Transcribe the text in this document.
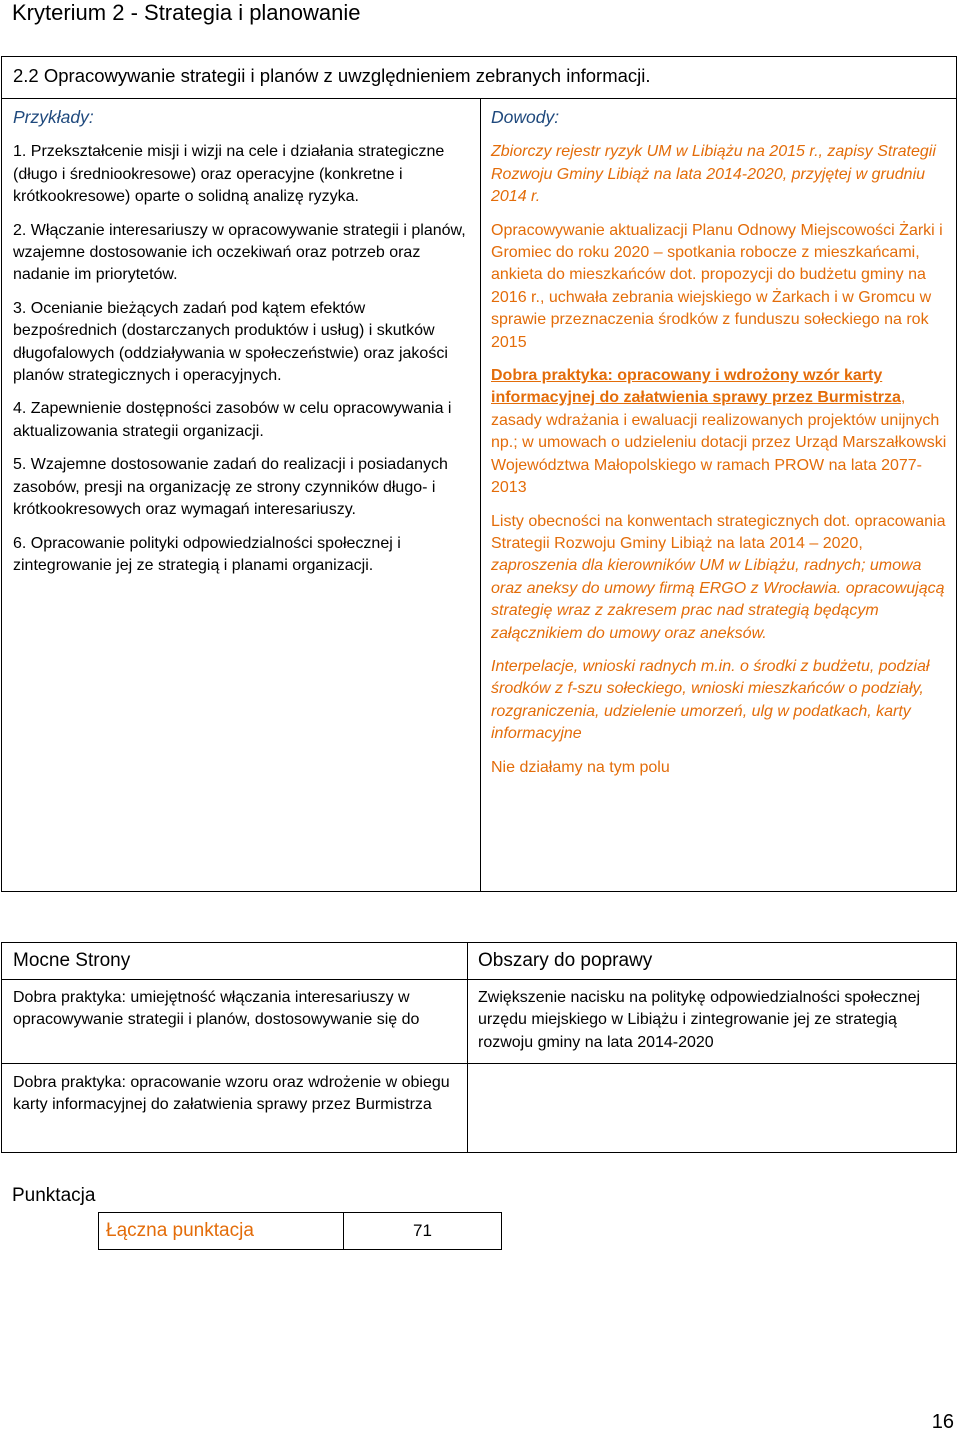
Kryterium 2 - Strategia i planowanie
2.2 Opracowywanie strategii i planów z uwzględnieniem zebranych informacji.
Przykłady:

1. Przekształcenie misji i wizji na cele i działania strategiczne (długo i średniookresowe) oraz operacyjne (konkretne i krótkookresowe) oparte o solidną analizę ryzyka.

2. Włączanie interesariuszy w opracowywanie strategii i planów, wzajemne dostosowanie ich oczekiwań oraz potrzeb oraz nadanie im priorytetów.

3. Ocenianie bieżących zadań pod kątem efektów bezpośrednich (dostarczanych produktów i usług) i skutków długofalowych (oddziaływania w społeczeństwie) oraz jakości planów strategicznych i operacyjnych.

4. Zapewnienie dostępności zasobów w celu opracowywania i aktualizowania strategii organizacji.

5. Wzajemne dostosowanie zadań do realizacji i posiadanych zasobów, presji na organizację ze strony czynników długo- i krótkookresowych oraz wymagań interesariuszy.

6. Opracowanie polityki odpowiedzialności społecznej i zintegrowanie jej ze strategią i planami organizacji.

Dowody:

Zbiorczy rejestr ryzyk UM w Libiążu na 2015 r., zapisy Strategii Rozwoju Gminy Libiąż na lata 2014-2020, przyjętej w grudniu 2014 r.

Opracowywanie aktualizacji Planu Odnowy Miejscowości Żarki i Gromiec do roku 2020 – spotkania robocze z mieszkańcami, ankieta do mieszkańców dot. propozycji do budżetu gminy na 2016 r., uchwała zebrania wiejskiego w Żarkach i w Gromcu w sprawie przeznaczenia środków z funduszu sołeckiego na rok 2015

Dobra praktyka: opracowany i wdrożony wzór karty informacyjnej do załatwienia sprawy przez Burmistrza, zasady wdrażania i ewaluacji realizowanych projektów unijnych np.; w umowach o udzieleniu dotacji przez Urząd Marszałkowski Województwa Małopolskiego w ramach PROW na lata 2077-2013

Listy obecności na konwentach strategicznych dot. opracowania Strategii Rozwoju Gminy Libiąż na lata 2014 – 2020, zaproszenia dla kierowników UM w Libiążu, radnych; umowa oraz aneksy do umowy firmą ERGO z Wrocławia. opracowującą strategię wraz z zakresem prac nad strategią będącym załącznikiem do umowy oraz aneksów.

Interpelacje, wnioski radnych m.in. o środki z budżetu, podział środków z f-szu sołeckiego, wnioski mieszkańców o podziały, rozgraniczenia, udzielenie umorzeń, ulg w podatkach, karty informacyjne

Nie działamy na tym polu

Mocne Strony	Obszary do poprawy
Dobra praktyka: umiejętność włączania interesariuszy w opracowywanie strategii i planów, dostosowywanie się do
Zwiększenie nacisku na politykę odpowiedzialności społecznej urzędu miejskiego w Libiążu i zintegrowanie jej ze strategią rozwoju gminy na lata 2014-2020
Dobra praktyka: opracowanie wzoru oraz wdrożenie w obiegu karty informacyjnej do załatwienia sprawy przez Burmistrza
Punktacja
Łączna punktacja	71
16
